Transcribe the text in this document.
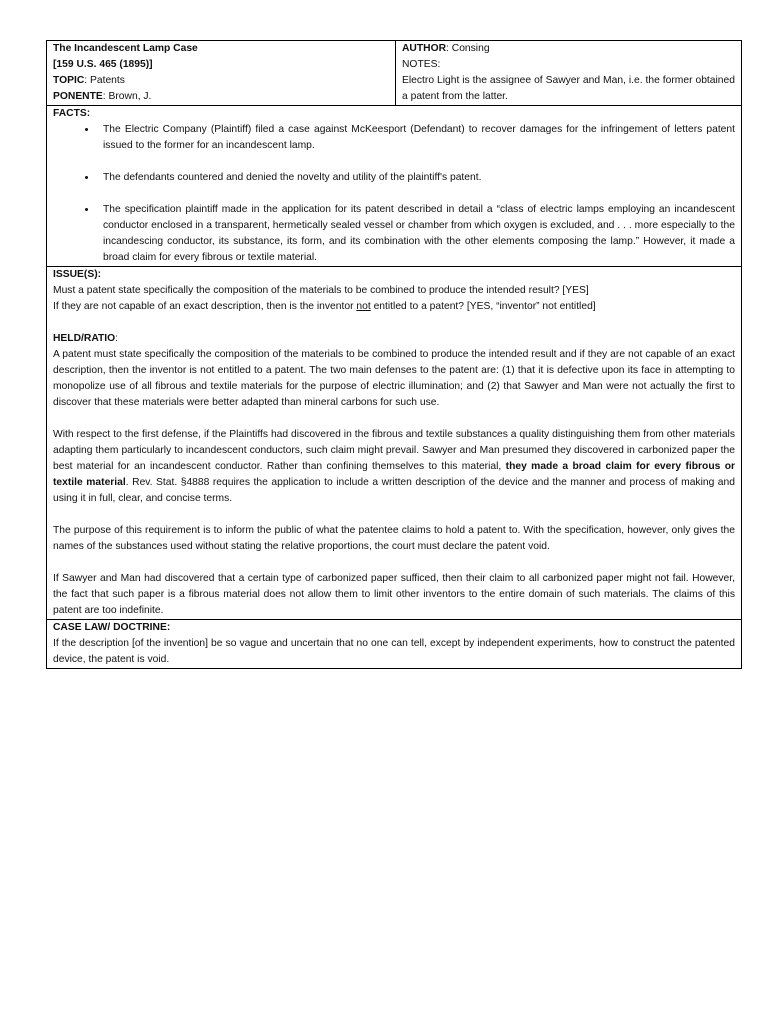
The Incandescent Lamp Case
[159 U.S. 465 (1895)]
TOPIC: Patents
PONENTE: Brown, J.
AUTHOR: Consing
NOTES:
Electro Light is the assignee of Sawyer and Man, i.e. the former obtained a patent from the latter.
FACTS:
• The Electric Company (Plaintiff) filed a case against McKeesport (Defendant) to recover damages for the infringement of letters patent issued to the former for an incandescent lamp.
• The defendants countered and denied the novelty and utility of the plaintiff's patent.
• The specification plaintiff made in the application for its patent described in detail a “class of electric lamps employing an incandescent conductor enclosed in a transparent, hermetically sealed vessel or chamber from which oxygen is excluded, and . . . more especially to the incandescing conductor, its substance, its form, and its combination with the other elements composing the lamp.” However, it made a broad claim for every fibrous or textile material.
ISSUE(S):

Must a patent state specifically the composition of the materials to be combined to produce the intended result? [YES]

If they are not capable of an exact description, then is the inventor not entitled to a patent? [YES, “inventor” not entitled]

HELD/RATIO:

A patent must state specifically the composition of the materials to be combined to produce the intended result and if they are not capable of an exact description, then the inventor is not entitled to a patent. The two main defenses to the patent are: (1) that it is defective upon its face in attempting to monopolize use of all fibrous and textile materials for the purpose of electric illumination; and (2) that Sawyer and Man were not actually the first to discover that these materials were better adapted than mineral carbons for such use.

With respect to the first defense, if the Plaintiffs had discovered in the fibrous and textile substances a quality distinguishing them from other materials adapting them particularly to incandescent conductors, such claim might prevail. Sawyer and Man presumed they discovered in carbonized paper the best material for an incandescent conductor. Rather than confining themselves to this material, they made a broad claim for every fibrous or textile material. Rev. Stat. §4888 requires the application to include a written description of the device and the manner and process of making and using it in full, clear, and concise terms.

The purpose of this requirement is to inform the public of what the patentee claims to hold a patent to. With the specification, however, only gives the names of the substances used without stating the relative proportions, the court must declare the patent void.

If Sawyer and Man had discovered that a certain type of carbonized paper sufficed, then their claim to all carbonized paper might not fail. However, the fact that such paper is a fibrous material does not allow them to limit other inventors to the entire domain of such materials. The claims of this patent are too indefinite.

CASE LAW/ DOCTRINE:

If the description [of the invention] be so vague and uncertain that no one can tell, except by independent experiments, how to construct the patented device, the patent is void.
